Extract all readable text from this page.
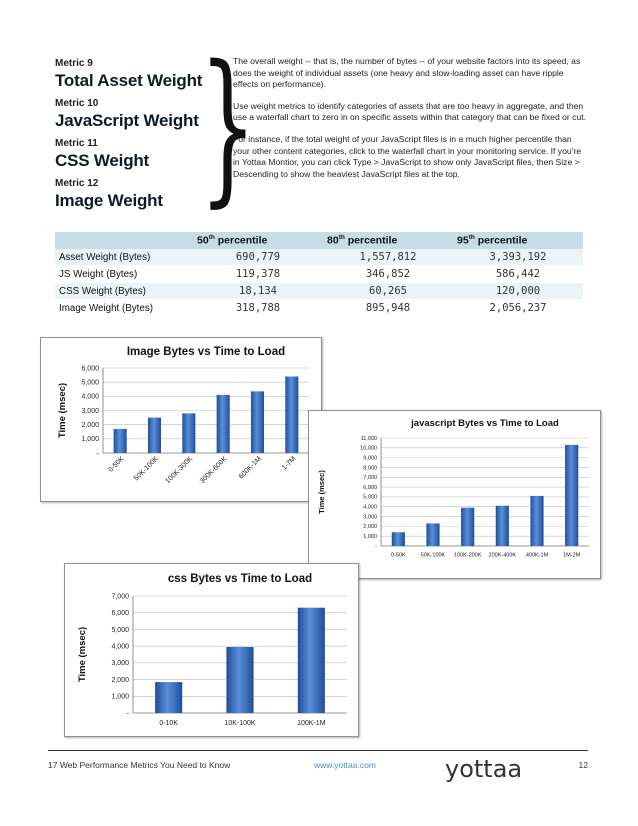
Metric 9

Total Asset Weight

Metric 10

JavaScript Weight

Metric 11

CSS Weight

Metric 12

Image Weight }

The overall weight -- that is, the number of bytes -- of your website factors into its speed, as does the weight of individual assets (one heavy and slow-loading asset can have ripple effects on performance).

Use weight metrics to identify categories of assets that are too heavy in aggregate, and then use a waterfall chart to zero in on specific assets within that category that can be fixed or cut.

For instance, if the total weight of your JavaScript files is in a much higher percentile than your other content categories, click to the waterfall chart in your monitoring service. If you’re in Yottaa Montior, you can click Type > JavaScript to show only JavaScript files, then Size > Descending to show the heaviest JavaScript files at the top.

	50th percentile	80th percentile	95th percentile
Asset Weight (Bytes)	690,779	1,557,812	3,393,192
JS Weight (Bytes)	119,378	346,852	586,442
CSS Weight (Bytes)	18,134	60,265	120,000
Image Weight (Bytes)	318,788	895,948	2,056,237
Image Bytes vs Time to Load
Time (msec)
-
1,000
2,000
3,000
4,000
5,000
6,000
0-50K 50K-100K 100K-300K 300K-600K 600K-1M	1-7M
javascript Bytes vs Time to Load
Time (msec)
-
1,000
2,000
3,000
4,000
5,000
6,000
7,000
8,000
9,000
10,000
11,000
0-50K	50K-100K 100K-200K 200K-400K 400K-1M	1M-2M
css Bytes vs Time to Load
Time (msec)
-
1,000
2,000
3,000
4,000
5,000
6,000
7,000
0-10K	10K-100K	100K-1M
17 Web Performance Metrics You Need to Know	www.yottaa.com	12
yottaa
